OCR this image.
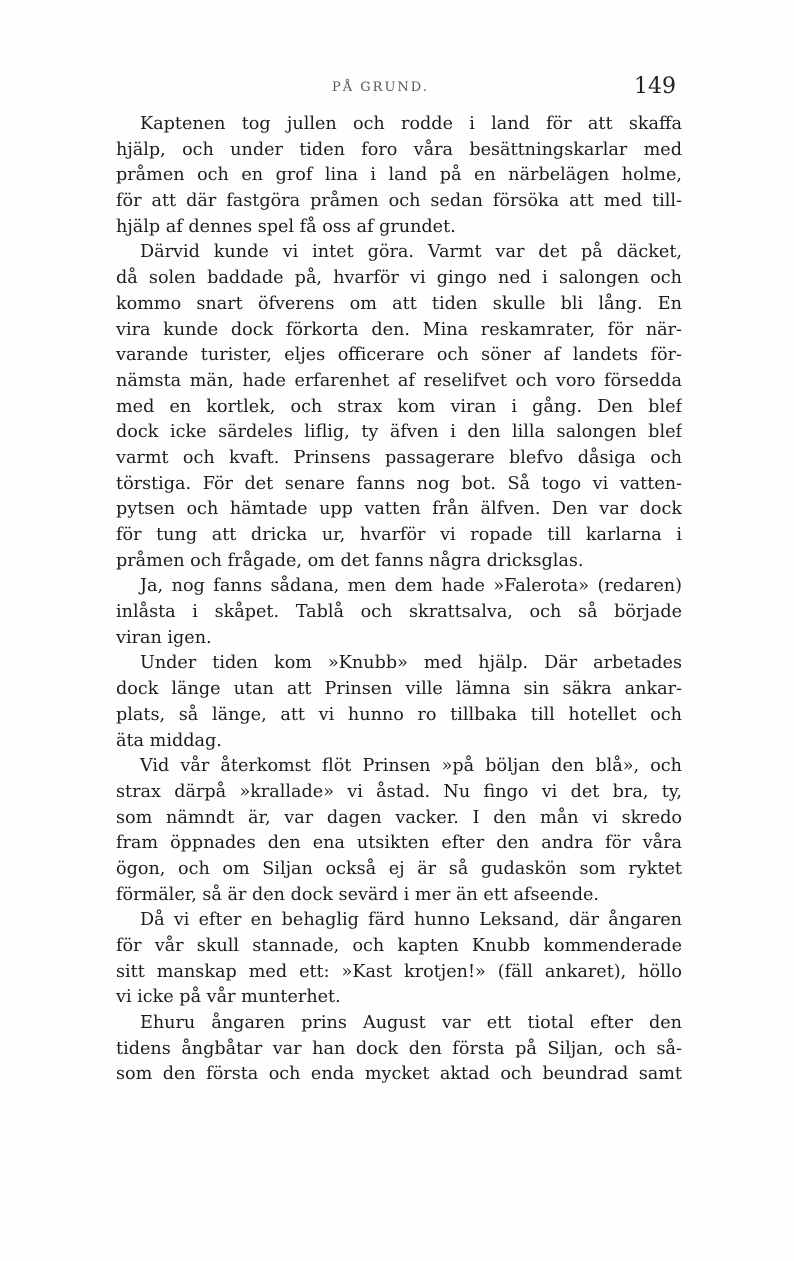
PÅ GRUND.	149
Kaptenen tog jullen och rodde i land för att skaffa
hjälp, och under tiden foro våra besättningskarlar med
pråmen och en grof lina i land på en närbelägen holme,
för att där fastgöra pråmen och sedan försöka att med till-
hjälp af dennes spel få oss af grundet.
Därvid kunde vi intet göra. Varmt var det på däcket,
då solen baddade på, hvarför vi gingo ned i salongen och
kommo snart öfverens om att tiden skulle bli lång. En
vira kunde dock förkorta den. Mina reskamrater, för när-
varande turister, eljes officerare och söner af landets för-
nämsta män, hade erfarenhet af reselifvet och voro försedda
med en kortlek, och strax kom viran i gång. Den blef
dock icke särdeles liflig, ty äfven i den lilla salongen blef
varmt och kvaft. Prinsens passagerare blefvo dåsiga och
törstiga. För det senare fanns nog bot. Så togo vi vatten-
pytsen och hämtade upp vatten från älfven. Den var dock
för tung att dricka ur, hvarför vi ropade till karlarna i
pråmen och frågade, om det fanns några dricksglas.
Ja, nog fanns sådana, men dem hade »Falerota» (redaren)
inlåsta i skåpet. Tablå och skrattsalva, och så började
viran igen.
Under tiden kom »Knubb» med hjälp. Där arbetades
dock länge utan att Prinsen ville lämna sin säkra ankar-
plats, så länge, att vi hunno ro tillbaka till hotellet och
äta middag.
Vid vår återkomst flöt Prinsen »på böljan den blå», och
strax därpå »krallade» vi åstad. Nu fingo vi det bra, ty,
som nämndt är, var dagen vacker. I den mån vi skredo
fram öppnades den ena utsikten efter den andra för våra
ögon, och om Siljan också ej är så gudaskön som ryktet
förmäler, så är den dock sevärd i mer än ett afseende.
Då vi efter en behaglig färd hunno Leksand, där ångaren
för vår skull stannade, och kapten Knubb kommenderade
sitt manskap med ett: »Kast krotjen!» (fäll ankaret), höllo
vi icke på vår munterhet.
Ehuru ångaren prins August var ett tiotal efter den
tidens ångbåtar var han dock den första på Siljan, och så-
som den första och enda mycket aktad och beundrad samt
